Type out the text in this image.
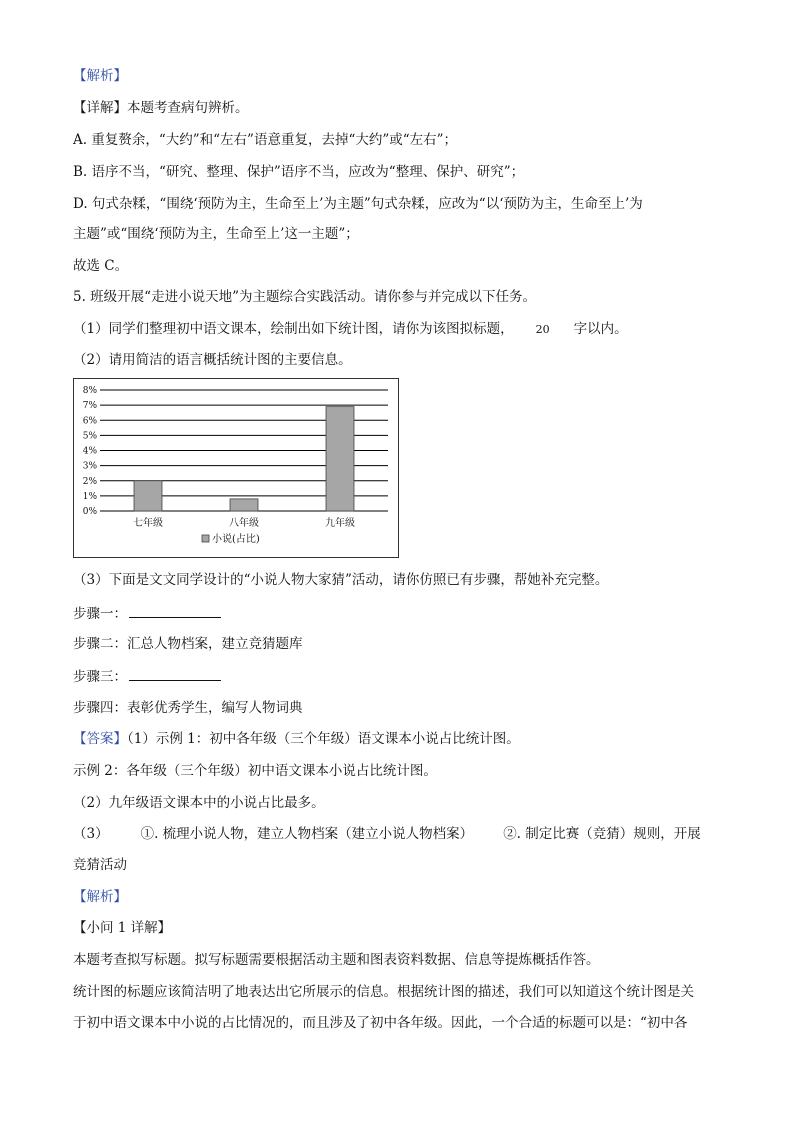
【解析】
【详解】本题考查病句辨析。
A. 重复赘余，“大约”和“左右”语意重复，去掉“大约”或“左右”；
B. 语序不当，“研究、整理、保护”语序不当，应改为“整理、保护、研究”；
D. 句式杂糅，“围绕‘预防为主，生命至上’为主题”句式杂糅，应改为“以‘预防为主，生命至上’为
主题”或“围绕‘预防为主，生命至上’这一主题”；
故选 C。
5. 班级开展“走进小说天地”为主题综合实践活动。请你参与并完成以下任务。
（1）同学们整理初中语文课本，绘制出如下统计图，请你为该图拟标题， 20 字以内。
（2）请用简洁的语言概括统计图的主要信息。
0%
1%
2%
3%
4%
5%
6%
7%
8%
七年级	八年级	九年级
小说(占比)
（3）下面是文文同学设计的“小说人物大家猜”活动，请你仿照已有步骤，帮她补充完整。
步骤一：
步骤二：汇总人物档案，建立竞猜题库
步骤三：
步骤四：表彰优秀学生，编写人物词典
【答案】（1）示例 1：初中各年级（三个年级）语文课本小说占比统计图。
示例 2：各年级（三个年级）初中语文课本小说占比统计图。
（2）九年级语文课本中的小说占比最多。
（3） ①. 梳理小说人物，建立人物档案（建立小说人物档案） ②. 制定比赛（竞猜）规则，开展
竞猜活动
【解析】
【小问 1 详解】
本题考查拟写标题。拟写标题需要根据活动主题和图表资料数据、信息等提炼概括作答。
统计图的标题应该简洁明了地表达出它所展示的信息。根据统计图的描述，我们可以知道这个统计图是关
于初中语文课本中小说的占比情况的，而且涉及了初中各年级。因此，一个合适的标题可以是：“初中各
